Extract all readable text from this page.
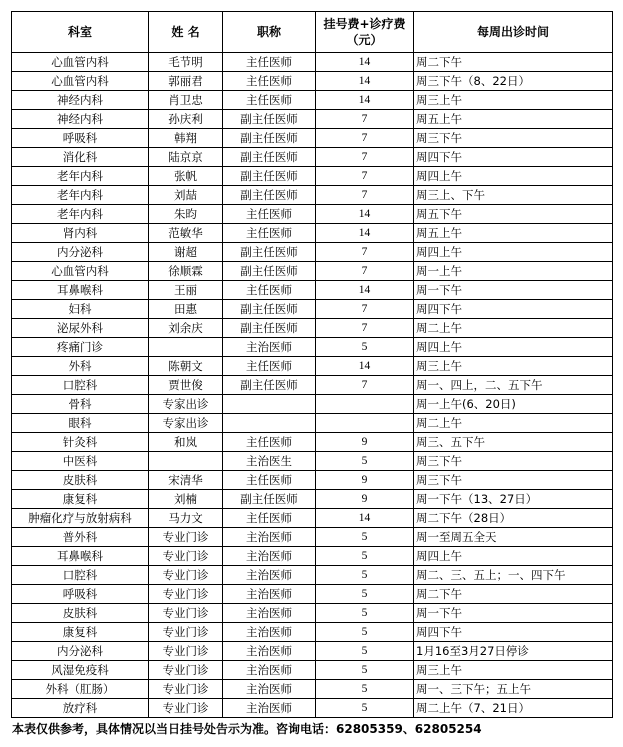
科室	姓 名	职称	挂号费+诊疗费（元）	每周出诊时间
心血管内科	毛节明	主任医师	14	周二下午
心血管内科	郭丽君	主任医师	14	周三下午（8、22日）
神经内科	肖卫忠	主任医师	14	周三上午
神经内科	孙庆利	副主任医师	7	周五上午
呼吸科	韩翔	副主任医师	7	周三下午
消化科	陆京京	副主任医师	7	周四下午
老年内科	张帆	副主任医师	7	周四上午
老年内科	刘喆	副主任医师	7	周三上、下午
老年内科	朱昀	主任医师	14	周五下午
肾内科	范敏华	主任医师	14	周五上午
内分泌科	谢超	副主任医师	7	周四上午
心血管内科	徐顺霖	副主任医师	7	周一上午
耳鼻喉科	王丽	主任医师	14	周一下午
妇科	田惠	副主任医师	7	周四下午
泌尿外科	刘余庆	副主任医师	7	周二上午
疼痛门诊		主治医师	5	周四上午
外科	陈朝文	主任医师	14	周三上午
口腔科	贾世俊	副主任医师	7	周一、四上，二、五下午
骨科	专家出诊			周一上午(6、20日)
眼科	专家出诊			周二上午
针灸科	和岚	主任医师	9	周三、五下午
中医科		主治医生	5	周三下午
皮肤科	宋清华	主任医师	9	周三下午
康复科	刘楠	副主任医师	9	周一下午（13、27日）
肿瘤化疗与放射病科	马力文	主任医师	14	周二下午（28日）
普外科	专业门诊	主治医师	5	周一至周五全天
耳鼻喉科	专业门诊	主治医师	5	周四上午
口腔科	专业门诊	主治医师	5	周二、三、五上；一、四下午
呼吸科	专业门诊	主治医师	5	周二下午
皮肤科	专业门诊	主治医师	5	周一下午
康复科	专业门诊	主治医师	5	周四下午
内分泌科	专业门诊	主治医师	5	1月16至3月27日停诊
风湿免疫科	专业门诊	主治医师	5	周三上午
外科（肛肠）	专业门诊	主治医师	5	周一、三下午；五上午
放疗科	专业门诊	主治医师	5	周二上午（7、21日）
本表仅供参考，具体情况以当日挂号处告示为准。咨询电话：62805359、62805254
